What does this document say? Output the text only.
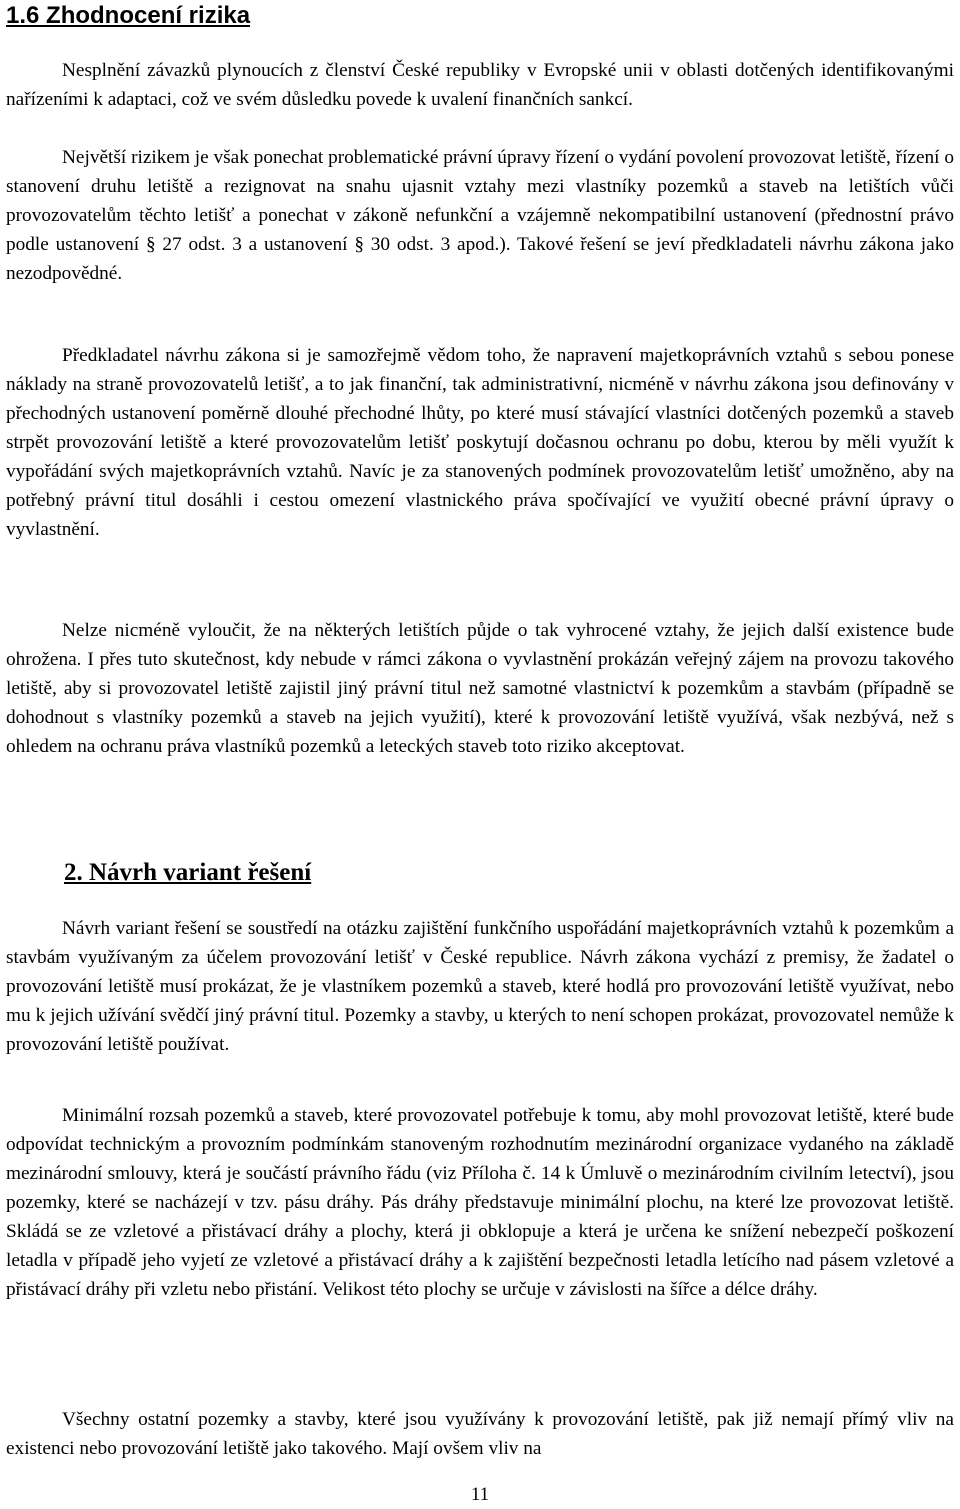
1.6 Zhodnocení rizika

Nesplnění závazků plynoucích z členství České republiky v Evropské unii v oblasti dotčených identifikovanými nařízeními k adaptaci, což ve svém důsledku povede k uvalení finančních sankcí.

Největší rizikem je však ponechat problematické právní úpravy řízení o vydání povolení provozovat letiště, řízení o stanovení druhu letiště a rezignovat na snahu ujasnit vztahy mezi vlastníky pozemků a staveb na letištích vůči provozovatelům těchto letišť a ponechat v zákoně nefunkční a vzájemně nekompatibilní ustanovení (přednostní právo podle ustanovení § 27 odst. 3 a ustanovení § 30 odst. 3 apod.). Takové řešení se jeví předkladateli návrhu zákona jako nezodpovědné.

Předkladatel návrhu zákona si je samozřejmě vědom toho, že napravení majetkoprávních vztahů s sebou ponese náklady na straně provozovatelů letišť, a to jak finanční, tak administrativní, nicméně v návrhu zákona jsou definovány v přechodných ustanovení poměrně dlouhé přechodné lhůty, po které musí stávající vlastníci dotčených pozemků a staveb strpět provozování letiště a které provozovatelům letišť poskytují dočasnou ochranu po dobu, kterou by měli využít k vypořádání svých majetkoprávních vztahů. Navíc je za stanovených podmínek provozovatelům letišť umožněno, aby na potřebný právní titul dosáhli i cestou omezení vlastnického práva spočívající ve využití obecné právní úpravy o vyvlastnění.

Nelze nicméně vyloučit, že na některých letištích půjde o tak vyhrocené vztahy, že jejich další existence bude ohrožena. I přes tuto skutečnost, kdy nebude v rámci zákona o vyvlastnění prokázán veřejný zájem na provozu takového letiště, aby si provozovatel letiště zajistil jiný právní titul než samotné vlastnictví k pozemkům a stavbám (případně se dohodnout s vlastníky pozemků a staveb na jejich využití), které k provozování letiště využívá, však nezbývá, než s ohledem na ochranu práva vlastníků pozemků a leteckých staveb toto riziko akceptovat.

2. Návrh variant řešení

Návrh variant řešení se soustředí na otázku zajištění funkčního uspořádání majetkoprávních vztahů k pozemkům a stavbám využívaným za účelem provozování letišť v České republice. Návrh zákona vychází z premisy, že žadatel o provozování letiště musí prokázat, že je vlastníkem pozemků a staveb, které hodlá pro provozování letiště využívat, nebo mu k jejich užívání svědčí jiný právní titul. Pozemky a stavby, u kterých to není schopen prokázat, provozovatel nemůže k provozování letiště používat.

Minimální rozsah pozemků a staveb, které provozovatel potřebuje k tomu, aby mohl provozovat letiště, které bude odpovídat technickým a provozním podmínkám stanoveným rozhodnutím mezinárodní organizace vydaného na základě mezinárodní smlouvy, která je součástí právního řádu (viz Příloha č. 14 k Úmluvě o mezinárodním civilním letectví), jsou pozemky, které se nacházejí v tzv. pásu dráhy. Pás dráhy představuje minimální plochu, na které lze provozovat letiště. Skládá se ze vzletové a přistávací dráhy a plochy, která ji obklopuje a která je určena ke snížení nebezpečí poškození letadla v případě jeho vyjetí ze vzletové a přistávací dráhy a k zajištění bezpečnosti letadla letícího nad pásem vzletové a přistávací dráhy při vzletu nebo přistání. Velikost této plochy se určuje v závislosti na šířce a délce dráhy.

Všechny ostatní pozemky a stavby, které jsou využívány k provozování letiště, pak již nemají přímý vliv na existenci nebo provozování letiště jako takového. Mají ovšem vliv na

11
